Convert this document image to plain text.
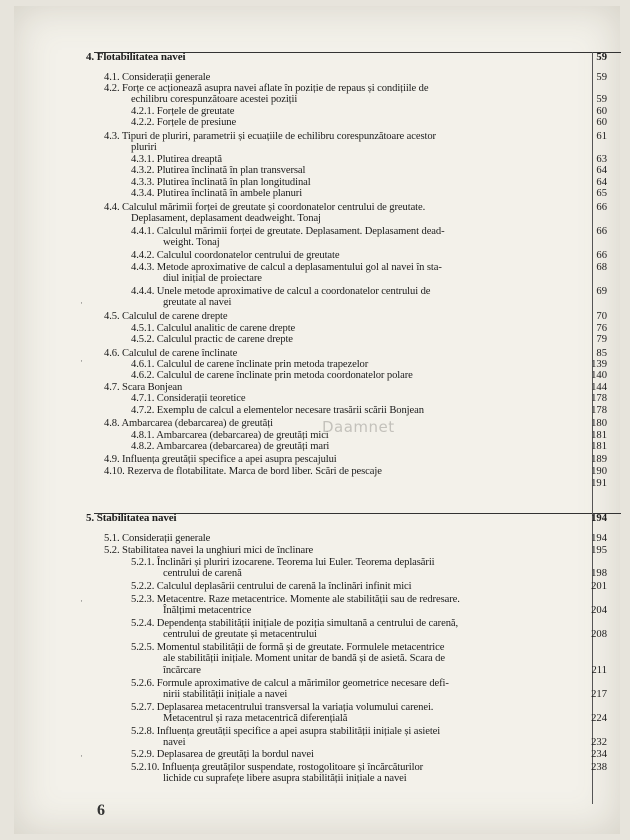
4. Flotabilitatea navei	59
4.1. Considerații generale	59
4.2. Forțe ce acționează asupra navei aflate în poziție de repaus și condițiile de
echilibru corespunzătoare acestei poziții	59
4.2.1. Forțele de greutate	60
4.2.2. Forțele de presiune	60
4.3. Tipuri de pluriri, parametrii și ecuațiile de echilibru corespunzătoare acestor	61
pluriri
4.3.1. Plutirea dreaptă	63
4.3.2. Plutirea înclinată în plan transversal	64
4.3.3. Plutirea înclinată în plan longitudinal	64
4.3.4. Plutirea înclinată în ambele planuri	65
4.4. Calculul mărimii forței de greutate și coordonatelor centrului de greutate.	66
Deplasament, deplasament deadweight. Tonaj
4.4.1. Calculul mărimii forței de greutate. Deplasament. Deplasament dead-	66
weight. Tonaj
4.4.2. Calculul coordonatelor centrului de greutate	66
4.4.3. Metode aproximative de calcul a deplasamentului gol al navei în sta-	68
diul inițial de proiectare
4.4.4. Unele metode aproximative de calcul a coordonatelor centrului de	69
greutate al navei
4.5. Calculul de carene drepte	70
4.5.1. Calculul analitic de carene drepte	76
4.5.2. Calculul practic de carene drepte	79
4.6. Calculul de carene înclinate	85
4.6.1. Calculul de carene înclinate prin metoda trapezelor	139
4.6.2. Calculul de carene înclinate prin metoda coordonatelor polare	140
4.7. Scara Bonjean	144
4.7.1. Considerații teoretice	178
4.7.2. Exemplu de calcul a elementelor necesare trasării scării Bonjean	178
4.8. Ambarcarea (debarcarea) de greutăți	180
4.8.1. Ambarcarea (debarcarea) de greutăți mici	181
4.8.2. Ambarcarea (debarcarea) de greutăți mari	181
4.9. Influența greutății specifice a apei asupra pescajului	189
4.10. Rezerva de flotabilitate. Marca de bord liber. Scări de pescaje	190
191
5. Stabilitatea navei	194
5.1. Considerații generale	194
5.2. Stabilitatea navei la unghiuri mici de înclinare	195
5.2.1. Înclinări și pluriri izocarene. Teorema lui Euler. Teorema deplasării
centrului de carenă	198
5.2.2. Calculul deplasării centrului de carenă la înclinări infinit mici	201
5.2.3. Metacentre. Raze metacentrice. Momente ale stabilității sau de redresare.
Înălțimi metacentrice	204
5.2.4. Dependența stabilității inițiale de poziția simultană a centrului de carenă,
centrului de greutate și metacentrului	208
5.2.5. Momentul stabilității de formă și de greutate. Formulele metacentrice
ale stabilității inițiale. Moment unitar de bandă și de asietă. Scara de
încărcare	211
5.2.6. Formule aproximative de calcul a mărimilor geometrice necesare defi-
nirii stabilității inițiale a navei	217
5.2.7. Deplasarea metacentrului transversal la variația volumului carenei.
Metacentrul și raza metacentrică diferențială	224
5.2.8. Influența greutății specifice a apei asupra stabilității inițiale și asietei
navei	232
5.2.9. Deplasarea de greutăți la bordul navei	234
5.2.10. Influența greutăților suspendate, rostogolitoare și încărcăturilor	238
lichide cu suprafețe libere asupra stabilității inițiale a navei
Daamnet
6
·
·
·
·
